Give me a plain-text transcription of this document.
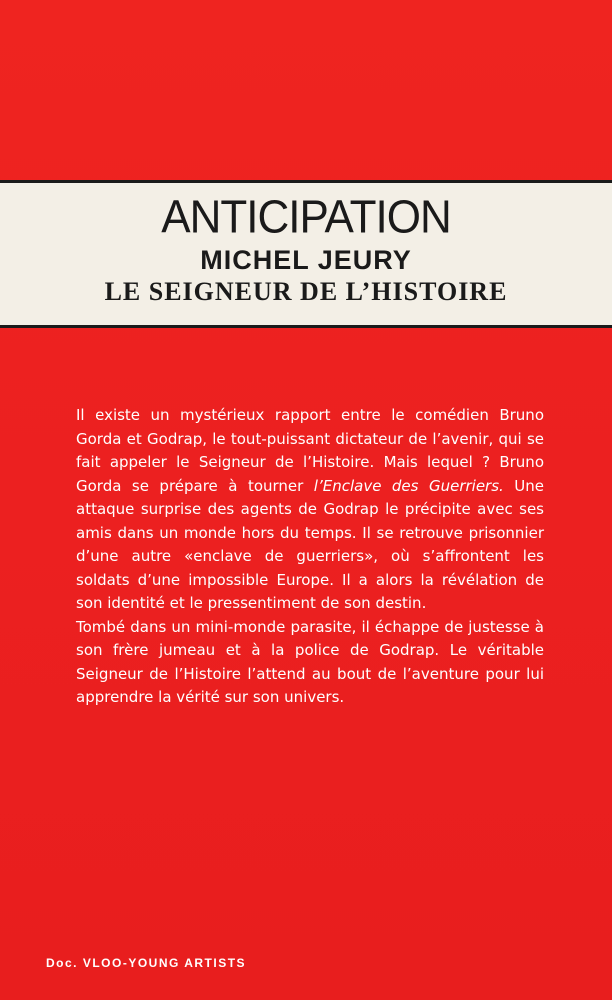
ANTICIPATION
MICHEL JEURY
LE SEIGNEUR DE L’HISTOIRE

Il existe un mystérieux rapport entre le comédien Bruno Gorda et Godrap, le tout-puissant dictateur de l’avenir, qui se fait appeler le Seigneur de l’Histoire. Mais lequel ? Bruno Gorda se prépare à tourner l’Enclave des Guerriers. Une attaque surprise des agents de Godrap le précipite avec ses amis dans un monde hors du temps. Il se retrouve prisonnier d’une autre «enclave de guerriers», où s’affrontent les soldats d’une impossible Europe. Il a alors la révélation de son identité et le pressentiment de son destin.

Tombé dans un mini-monde parasite, il échappe de justesse à son frère jumeau et à la police de Godrap. Le véritable Seigneur de l’Histoire l’attend au bout de l’aventure pour lui apprendre la vérité sur son univers.

Doc. VLOO-YOUNG ARTISTS
